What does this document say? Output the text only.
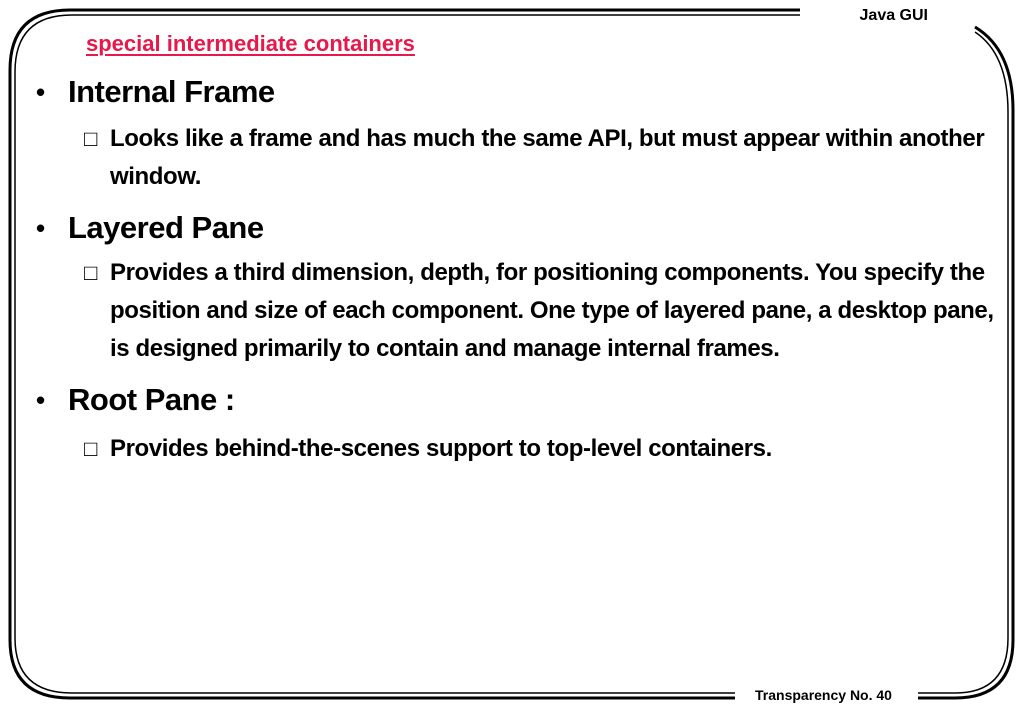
Java GUI
special intermediate containers
• Internal Frame
□ Looks like a frame and has much the same API, but must appear within another window.
• Layered Pane
□ Provides a third dimension, depth, for positioning components. You specify the position and size of each component. One type of layered pane, a desktop pane, is designed primarily to contain and manage internal frames.
• Root Pane :
□ Provides behind-the-scenes support to top-level containers.
Transparency No. 40
